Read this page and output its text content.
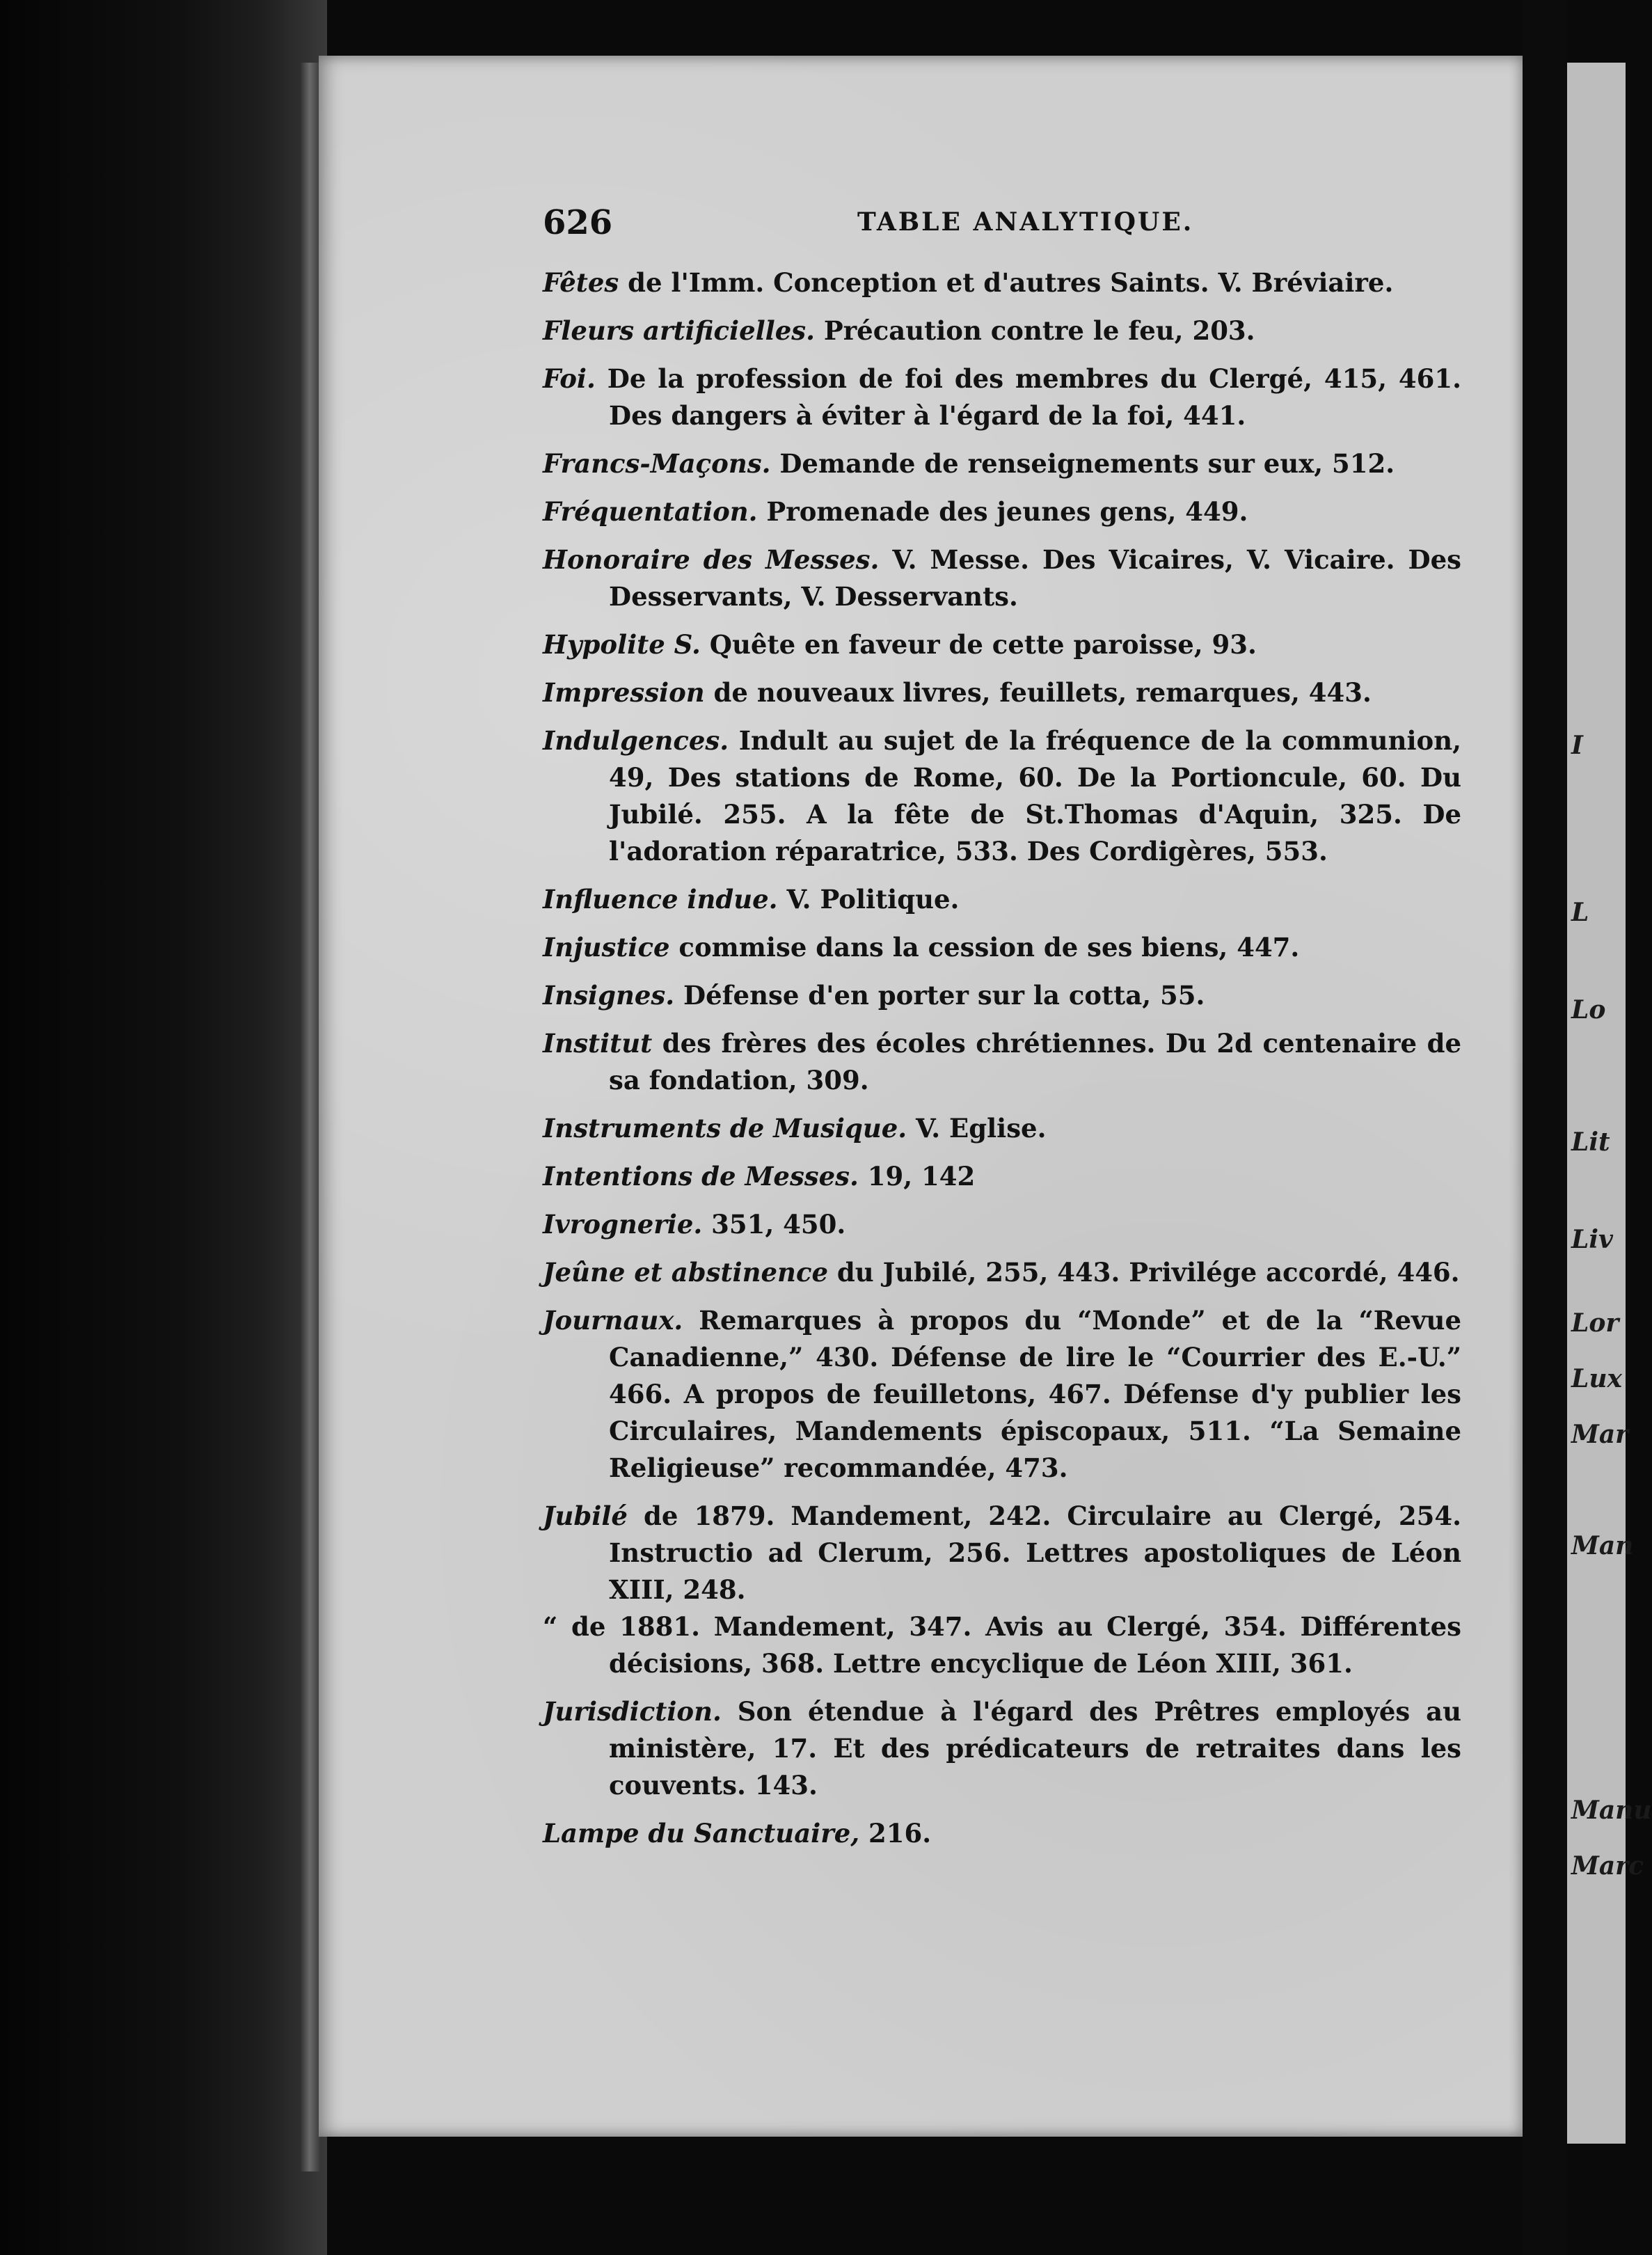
626	TABLE ANALYTIQUE.
Fêtes de l'Imm. Conception et d'autres Saints. V. Bréviaire.
Fleurs artificielles. Précaution contre le feu, 203.
Foi. De la profession de foi des membres du Clergé, 415, 461. Des dangers à éviter à l'égard de la foi, 441.
Francs-Maçons. Demande de renseignements sur eux, 512.
Fréquentation. Promenade des jeunes gens, 449.
Honoraire des Messes. V. Messe. Des Vicaires, V. Vicaire. Des Desservants, V. Desservants.
Hypolite S. Quête en faveur de cette paroisse, 93.
Impression de nouveaux livres, feuillets, remarques, 443.
Indulgences. Indult au sujet de la fréquence de la communion, 49, Des stations de Rome, 60. De la Portioncule, 60. Du Jubilé. 255. A la fête de St.Thomas d'Aquin, 325. De l'adoration réparatrice, 533. Des Cordigères, 553.
Influence indue. V. Politique.
Injustice commise dans la cession de ses biens, 447.
Insignes. Défense d'en porter sur la cotta, 55.
Institut des frères des écoles chrétiennes. Du 2d centenaire de sa fondation, 309.
Instruments de Musique. V. Eglise.
Intentions de Messes. 19, 142
Ivrognerie. 351, 450.
Jeûne et abstinence du Jubilé, 255, 443. Privilége accordé, 446.
Journaux. Remarques à propos du “Monde” et de la “Revue Canadienne,” 430. Défense de lire le “Courrier des E.-U.” 466. A propos de feuilletons, 467. Défense d'y publier les Circulaires, Mandements épiscopaux, 511. “La Semaine Religieuse” recommandée, 473.
Jubilé de 1879. Mandement, 242. Circulaire au Clergé, 254. Instructio ad Clerum, 256. Lettres apostoliques de Léon XIII, 248.
“ de 1881. Mandement, 347. Avis au Clergé, 354. Différentes décisions, 368. Lettre encyclique de Léon XIII, 361.
Jurisdiction. Son étendue à l'égard des Prêtres employés au ministère, 17. Et des prédicateurs de retraites dans les couvents. 143.
Lampe du Sanctuaire, 216.
I
L
Lo
Lit
Liv
Lor
Lux
Mar
Man
Manu
Marc
